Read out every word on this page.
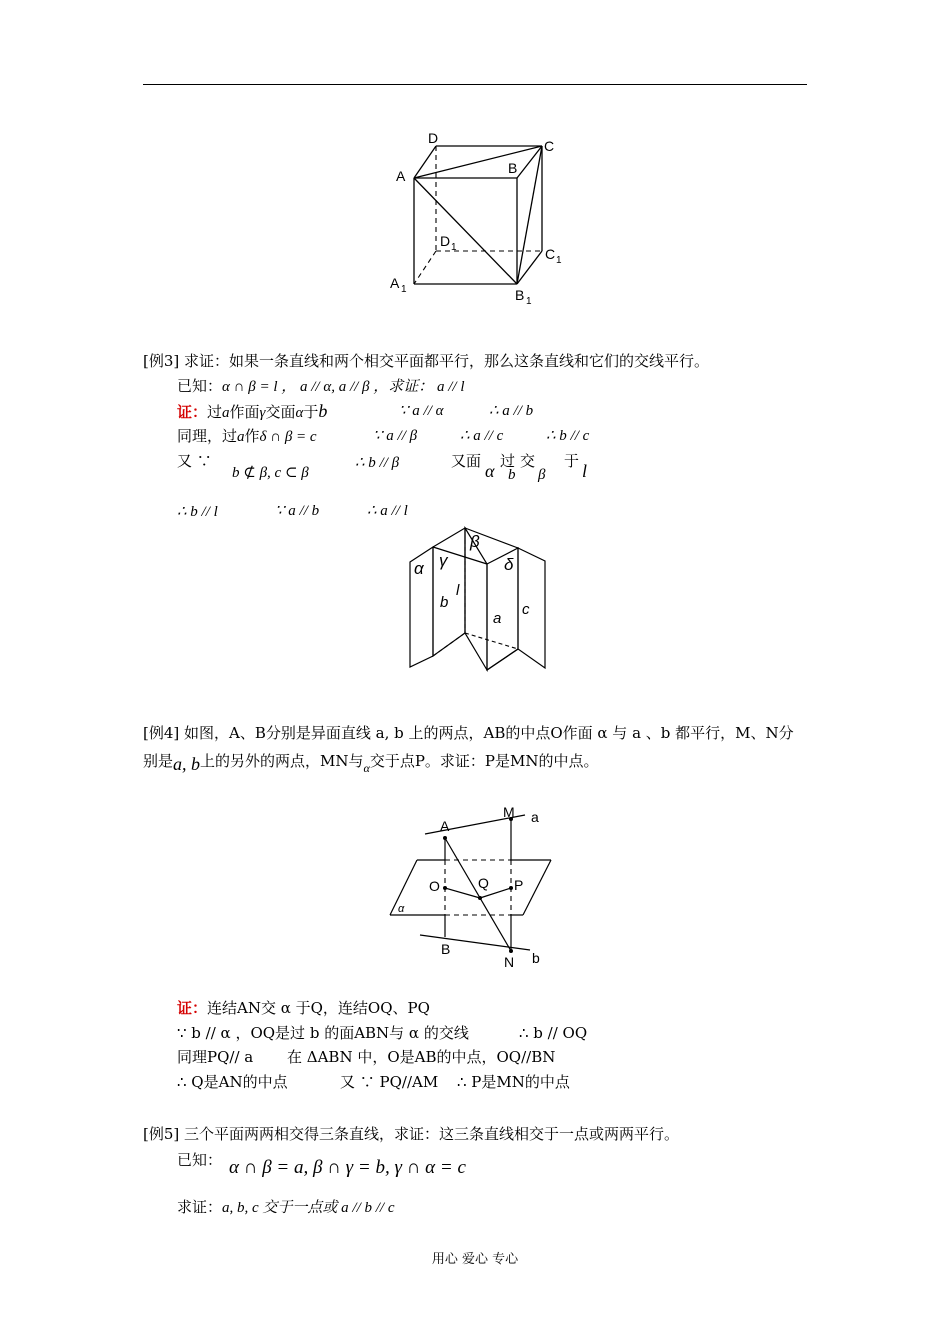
D	C
B
A
D 1	C 1
A 1	B 1
[例3] 求证：如果一条直线和两个相交平面都平行，那么这条直线和它们的交线平行。
已知：α ∩ β = l ， a // α, a // β ，求证： a // l
证：过a作面γ交面α于b	∵ a // α	∴ a // b
同理，过a作δ ∩ β = c	∵ a // β	∴ a // c	∴ b // c
又 ∵
b ⊄ β, c ⊂ β
∴ b // β	又面 α 过
b
交
β
于 l
∴ b // l	∵ a // b	∴ a // l
α γ
β
δ
b
l
a
c
[例4] 如图，A、B分别是异面直线 a, b 上的两点，AB的中点O作面 α 与 a 、b 都平行，M、N分
别是a, b上的另外的两点，MN与$_\alpha$交于点P。求证：P是MN的中点。
A
M a
O	Q P
α
B
N b
证：连结AN交 α 于Q，连结OQ、PQ
∵ b // α ，OQ是过 b 的面ABN与 α 的交线	∴ b // OQ
同理PQ// a 在 ΔABN 中，O是AB的中点，OQ//BN
∴ Q是AN的中点	又 ∵ PQ//AM ∴ P是MN的中点
[例5] 三个平面两两相交得三条直线，求证：这三条直线相交于一点或两两平行。
已知： α ∩ β = a, β ∩ γ = b, γ ∩ α = c
求证：a, b, c 交于一点或 a // b // c
用心 爱心 专心
